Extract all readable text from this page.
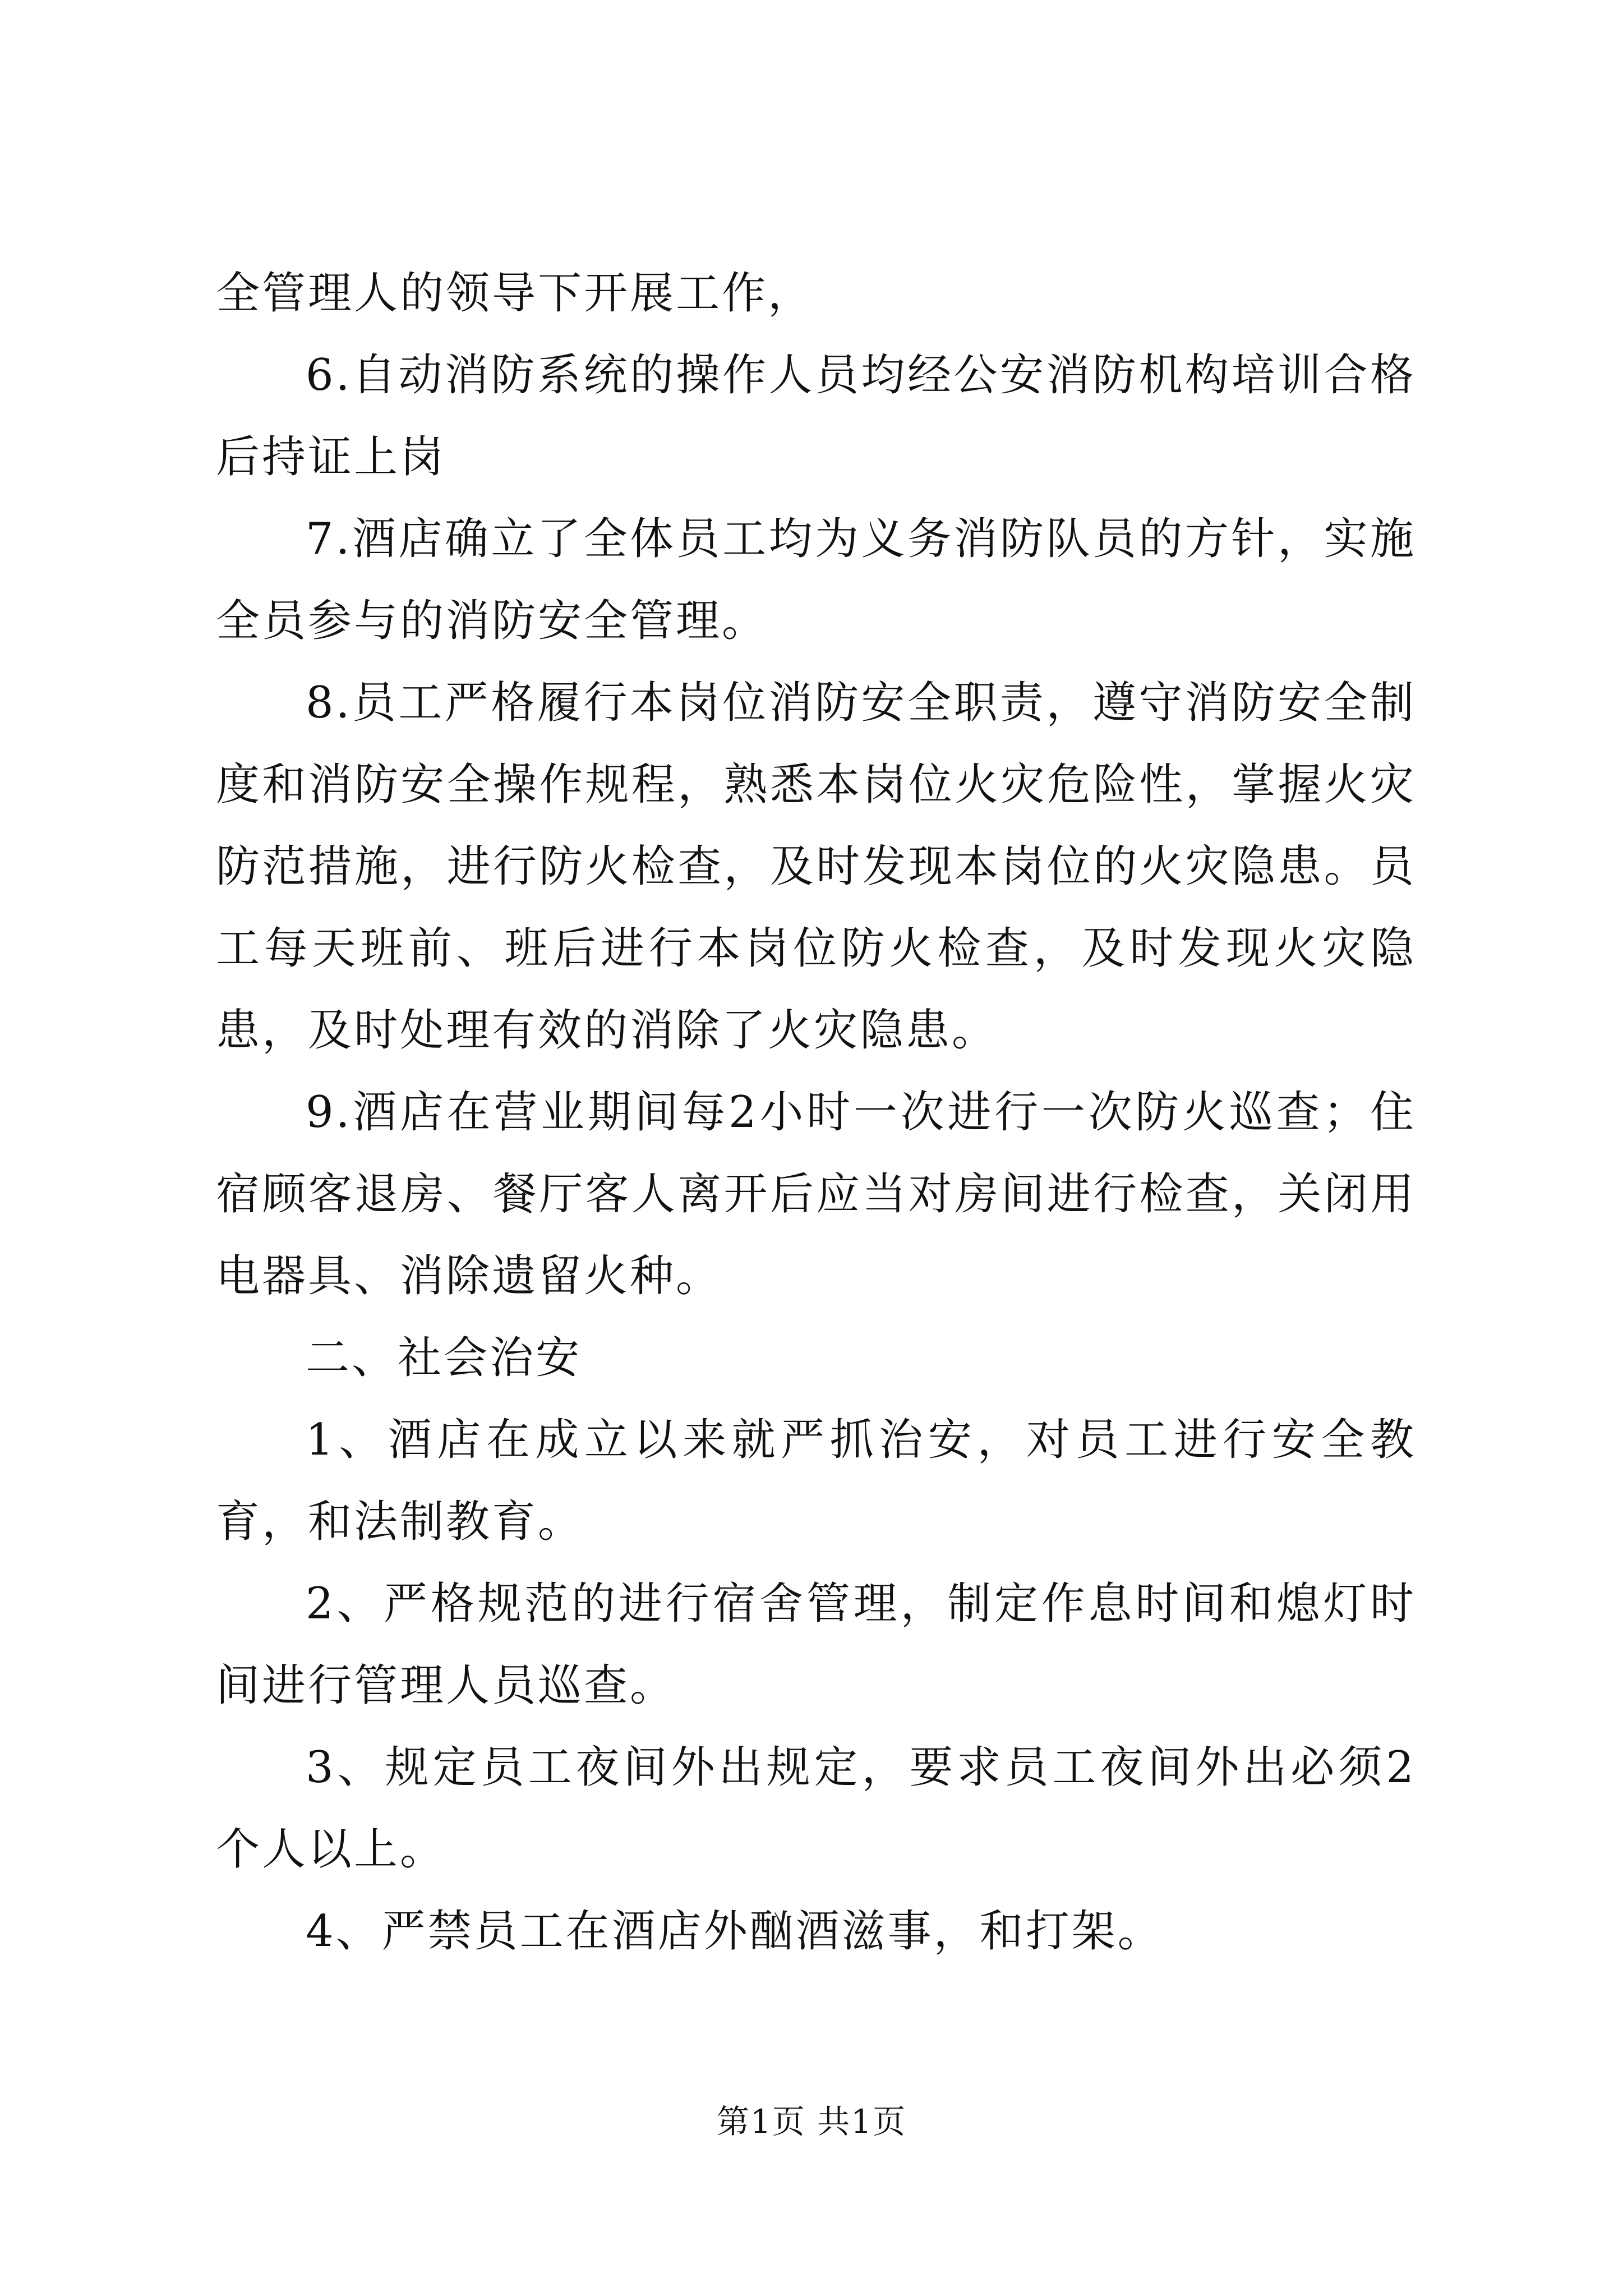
全管理人的领导下开展工作，

6.自动消防系统的操作人员均经公安消防机构培训合格后持证上岗

7.酒店确立了全体员工均为义务消防队员的方针，实施全员参与的消防安全管理。

8.员工严格履行本岗位消防安全职责，遵守消防安全制度和消防安全操作规程，熟悉本岗位火灾危险性，掌握火灾防范措施，进行防火检查，及时发现本岗位的火灾隐患。员工每天班前、班后进行本岗位防火检查，及时发现火灾隐患，及时处理有效的消除了火灾隐患。

9.酒店在营业期间每2小时一次进行一次防火巡查；住宿顾客退房、餐厅客人离开后应当对房间进行检查，关闭用电器具、消除遗留火种。

二、社会治安

1、酒店在成立以来就严抓治安，对员工进行安全教育，和法制教育。

2、严格规范的进行宿舍管理，制定作息时间和熄灯时间进行管理人员巡查。

3、规定员工夜间外出规定，要求员工夜间外出必须2个人以上。

4、严禁员工在酒店外酗酒滋事，和打架。

第1页 共1页
